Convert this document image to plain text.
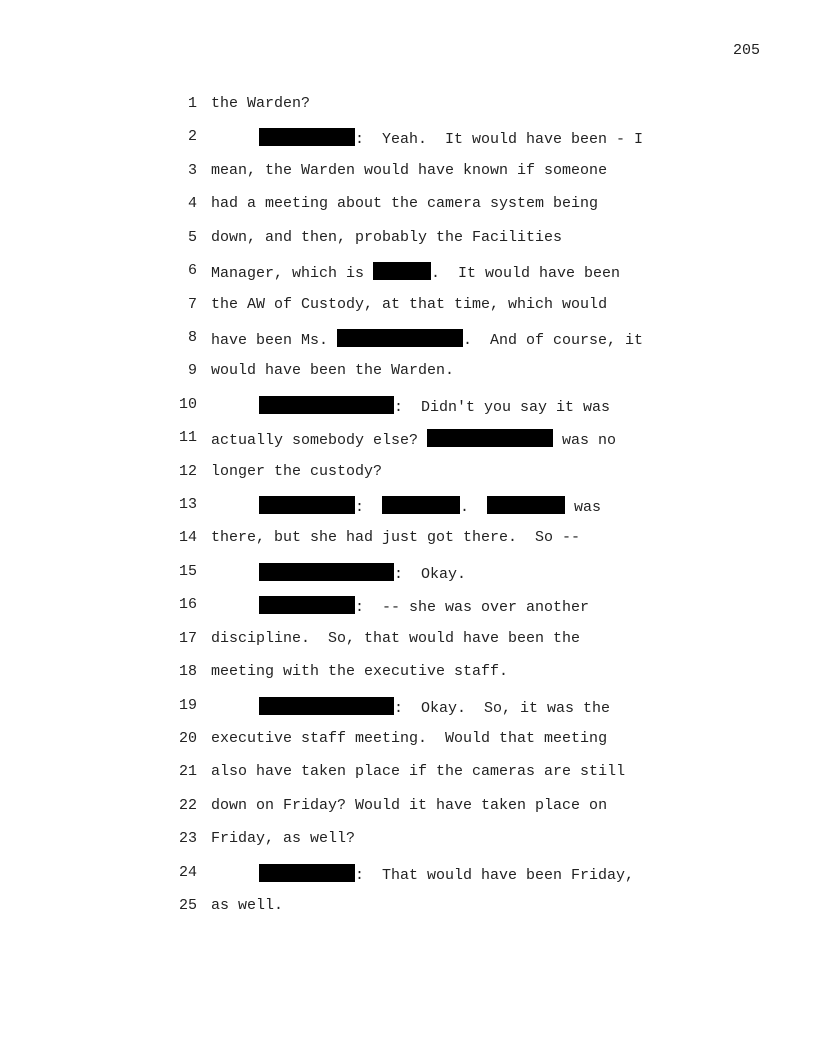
205
1 the Warden?
2	:  Yeah.  It would have been - I
3 mean, the Warden would have known if someone
4 had a meeting about the camera system being
5 down, and then, probably the Facilities
6 Manager, which is	.  It would have been
7 the AW of Custody, at that time, which would
8 have been Ms.	.  And of course, it
9 would have been the Warden.
10	:  Didn't you say it was
11 actually somebody else?	was no
12 longer the custody?
13	:	.	was
14 there, but she had just got there.  So --
15	:  Okay.
16	:  -- she was over another
17 discipline.  So, that would have been the
18 meeting with the executive staff.
19	:  Okay.  So, it was the
20 executive staff meeting.  Would that meeting
21 also have taken place if the cameras are still
22 down on Friday? Would it have taken place on
23 Friday, as well?
24	:  That would have been Friday,
25 as well.
